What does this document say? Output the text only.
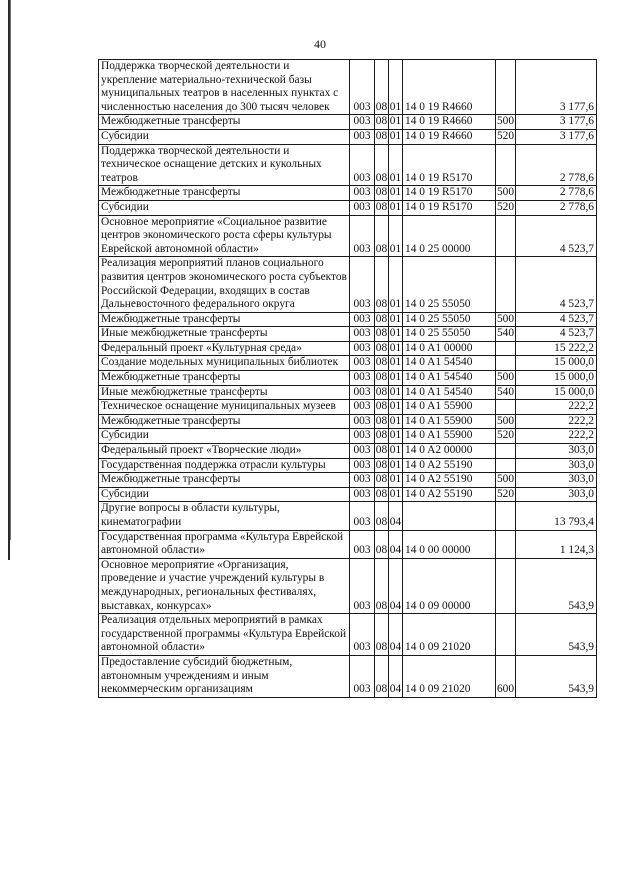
40
Поддержка творческой деятельности и укрепление материально-технической базы муниципальных театров в населенных пунктах с численностью населения до 300 тысяч человек	003	08	01	14 0 19 R4660		3 177,6
Межбюджетные трансферты	003	08	01	14 0 19 R4660	500	3 177,6
Субсидии	003	08	01	14 0 19 R4660	520	3 177,6
Поддержка творческой деятельности и техническое оснащение детских и кукольных театров	003	08	01	14 0 19 R5170		2 778,6
Межбюджетные трансферты	003	08	01	14 0 19 R5170	500	2 778,6
Субсидии	003	08	01	14 0 19 R5170	520	2 778,6
Основное мероприятие «Социальное развитие центров экономического роста сферы культуры Еврейской автономной области»	003	08	01	14 0 25 00000		4 523,7
Реализация мероприятий планов социального развития центров экономического роста субъектов Российской Федерации, входящих в состав Дальневосточного федерального округа	003	08	01	14 0 25 55050		4 523,7
Межбюджетные трансферты	003	08	01	14 0 25 55050	500	4 523,7
Иные межбюджетные трансферты	003	08	01	14 0 25 55050	540	4 523,7
Федеральный проект «Культурная среда»	003	08	01	14 0 A1 00000		15 222,2
Создание модельных муниципальных библиотек	003	08	01	14 0 A1 54540		15 000,0
Межбюджетные трансферты	003	08	01	14 0 A1 54540	500	15 000,0
Иные межбюджетные трансферты	003	08	01	14 0 A1 54540	540	15 000,0
Техническое оснащение муниципальных музеев	003	08	01	14 0 A1 55900		222,2
Межбюджетные трансферты	003	08	01	14 0 A1 55900	500	222,2
Субсидии	003	08	01	14 0 A1 55900	520	222,2
Федеральный проект «Творческие люди»	003	08	01	14 0 A2 00000		303,0
Государственная поддержка отрасли культуры	003	08	01	14 0 A2 55190		303,0
Межбюджетные трансферты	003	08	01	14 0 A2 55190	500	303,0
Субсидии	003	08	01	14 0 A2 55190	520	303,0
Другие вопросы в области культуры, кинематографии	003	08	04			13 793,4
Государственная программа «Культура Еврейской автономной области»	003	08	04	14 0 00 00000		1 124,3
Основное мероприятие «Организация, проведение и участие учреждений культуры в международных, региональных фестивалях, выставках, конкурсах»	003	08	04	14 0 09 00000		543,9
Реализация отдельных мероприятий в рамках государственной программы «Культура Еврейской автономной области»	003	08	04	14 0 09 21020		543,9
Предоставление субсидий бюджетным, автономным учреждениям и иным некоммерческим организациям	003	08	04	14 0 09 21020	600	543,9
